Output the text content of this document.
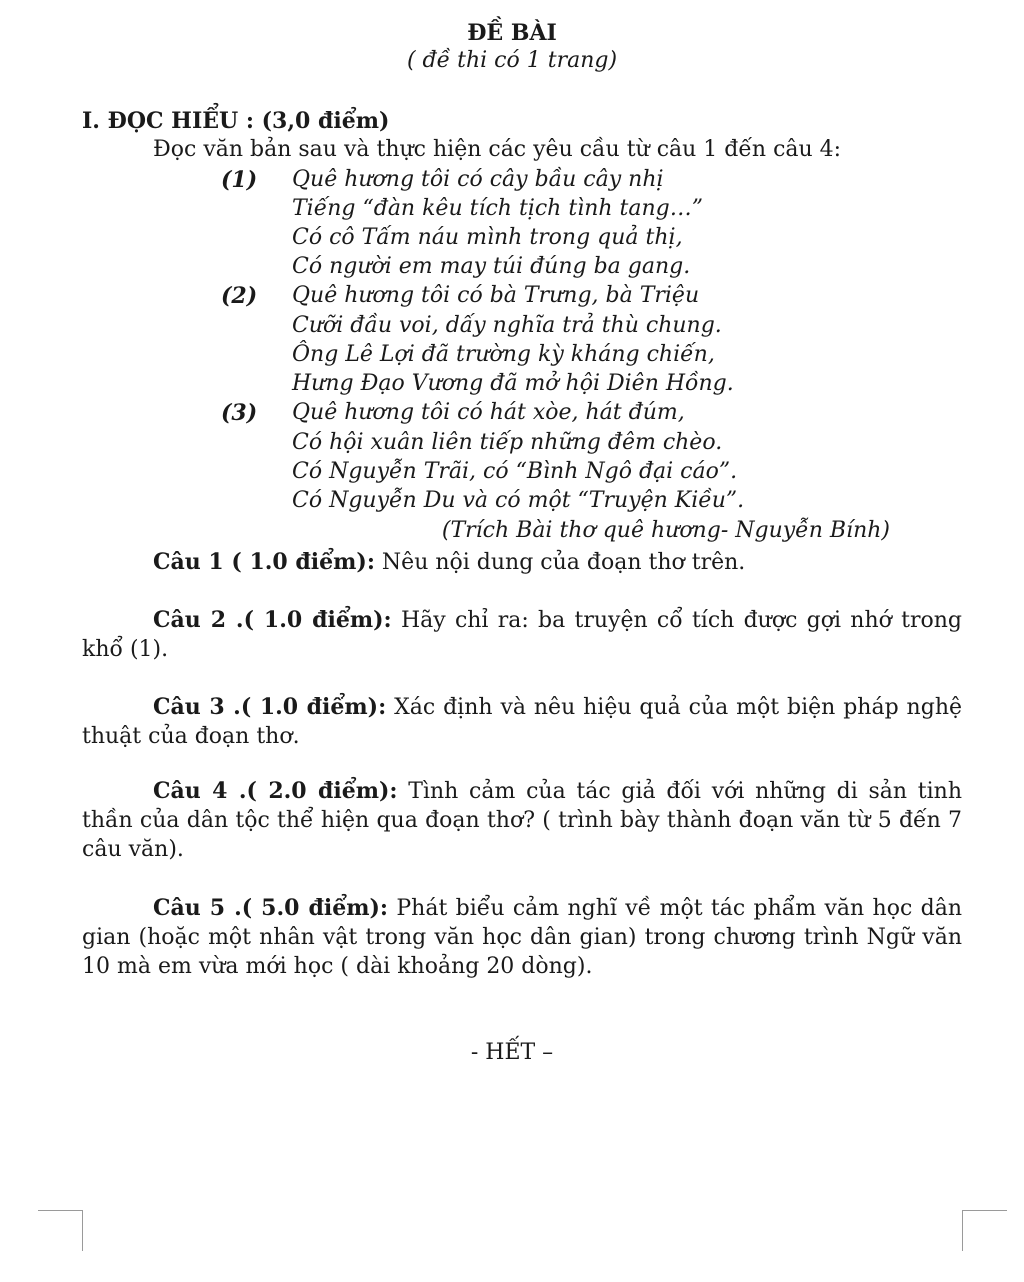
ĐỀ BÀI
( đề thi có 1 trang)
I. ĐỌC HIỂU : (3,0 điểm)
Đọc văn bản sau và thực hiện các yêu cầu từ câu 1 đến câu 4:
(1) Quê hương tôi có cây bầu cây nhị
Tiếng “đàn kêu tích tịch tình tang…”
Có cô Tấm náu mình trong quả thị,
Có người em may túi đúng ba gang.
(2) Quê hương tôi có bà Trưng, bà Triệu
Cưỡi đầu voi, dấy nghĩa trả thù chung.
Ông Lê Lợi đã trường kỳ kháng chiến,
Hưng Đạo Vương đã mở hội Diên Hồng.
(3) Quê hương tôi có hát xòe, hát đúm,
Có hội xuân liên tiếp những đêm chèo.
Có Nguyễn Trãi, có “Bình Ngô đại cáo”.
Có Nguyễn Du và có một “Truyện Kiều”.
(Trích Bài thơ quê hương- Nguyễn Bính)
Câu 1 ( 1.0 điểm): Nêu nội dung của đoạn thơ trên.
Câu 2 .( 1.0 điểm): Hãy chỉ ra: ba truyện cổ tích được gợi nhớ trong khổ (1).
Câu 3 .( 1.0 điểm): Xác định và nêu hiệu quả của một biện pháp nghệ thuật của đoạn thơ.
Câu 4 .( 2.0 điểm): Tình cảm của tác giả đối với những di sản tinh thần của dân tộc thể hiện qua đoạn thơ? ( trình bày thành đoạn văn từ 5 đến 7 câu văn).
Câu 5 .( 5.0 điểm): Phát biểu cảm nghĩ về một tác phẩm văn học dân gian (hoặc một nhân vật trong văn học dân gian) trong chương trình Ngữ văn 10 mà em vừa mới học ( dài khoảng 20 dòng).
- HẾT –
